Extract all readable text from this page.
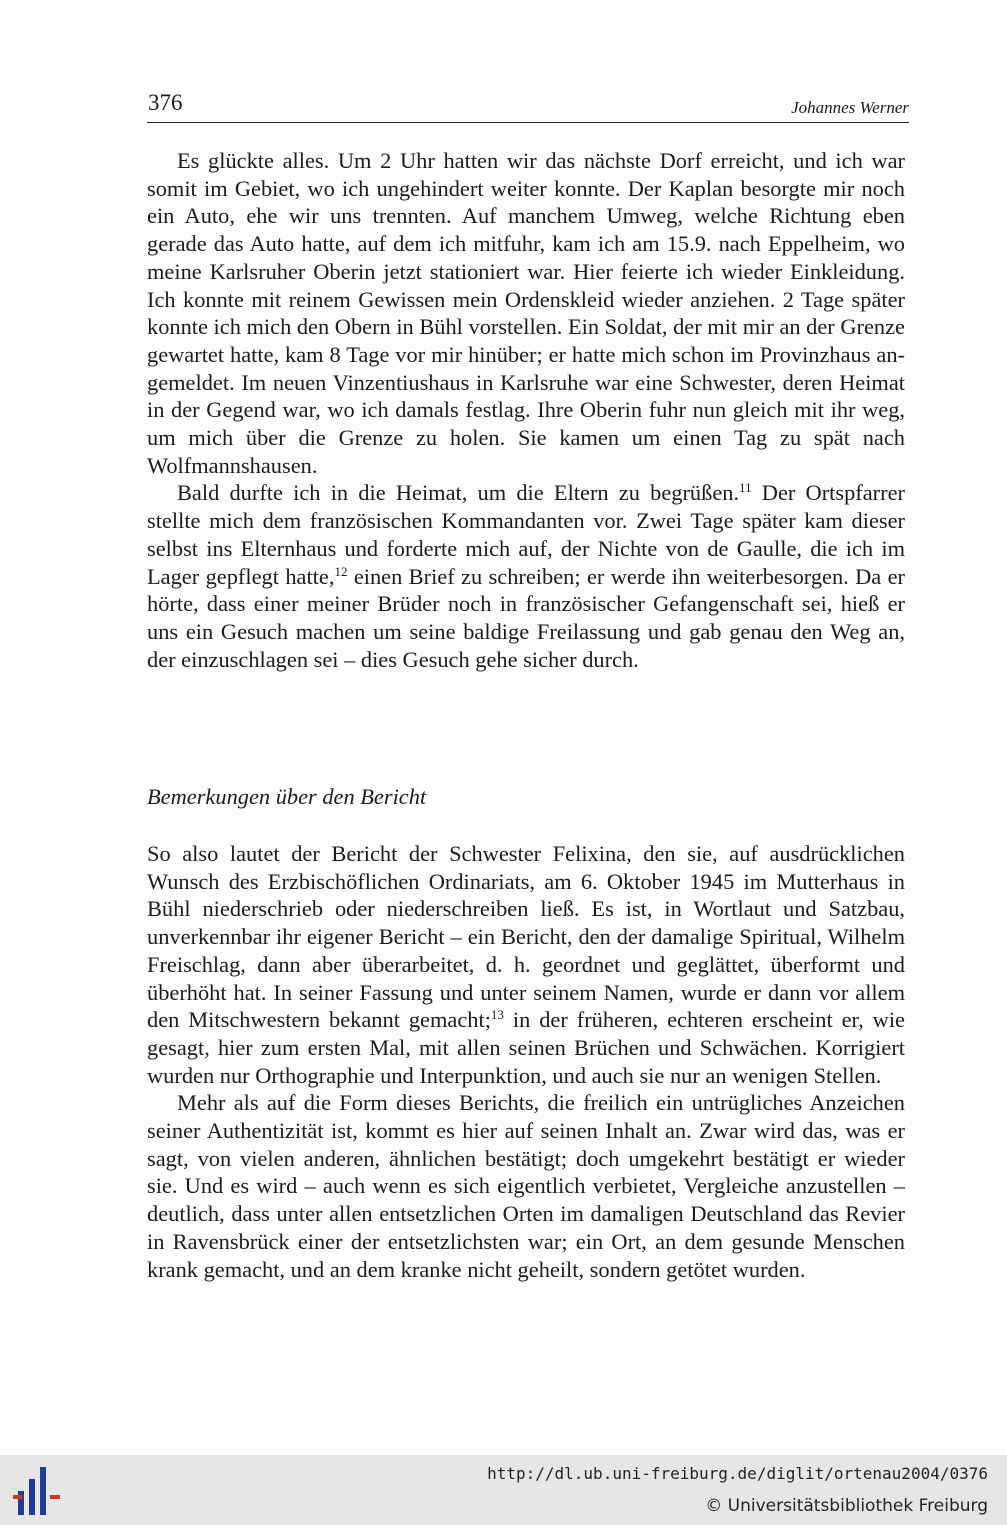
376	Johannes Werner

Es glückte alles. Um 2 Uhr hatten wir das nächste Dorf erreicht, und ich war somit im Gebiet, wo ich ungehindert weiter konnte. Der Kaplan besorgte mir noch ein Auto, ehe wir uns trennten. Auf manchem Umweg, welche Richtung eben gerade das Auto hatte, auf dem ich mitfuhr, kam ich am 15.9. nach Eppelheim, wo meine Karlsruher Oberin jetzt stationiert war. Hier feierte ich wieder Einkleidung. Ich konnte mit reinem Gewissen mein Ordenskleid wieder anziehen. 2 Tage später konnte ich mich den Obern in Bühl vorstellen. Ein Soldat, der mit mir an der Grenze gewartet hatte, kam 8 Tage vor mir hinüber; er hatte mich schon im Provinzhaus angemeldet. Im neuen Vinzentiushaus in Karlsruhe war eine Schwester, deren Heimat in der Gegend war, wo ich damals festlag. Ihre Oberin fuhr nun gleich mit ihr weg, um mich über die Grenze zu holen. Sie kamen um einen Tag zu spät nach Wolfmannshausen.

Bald durfte ich in die Heimat, um die Eltern zu begrüßen.$^{11}$ Der Ortspfarrer stellte mich dem französischen Kommandanten vor. Zwei Tage später kam dieser selbst ins Elternhaus und forderte mich auf, der Nichte von de Gaulle, die ich im Lager gepflegt hatte,$^{12}$ einen Brief zu schreiben; er werde ihn weiterbesorgen. Da er hörte, dass einer meiner Brüder noch in französischer Gefangenschaft sei, hieß er uns ein Gesuch machen um seine baldige Freilassung und gab genau den Weg an, der einzuschlagen sei – dies Gesuch gehe sicher durch.

Bemerkungen über den Bericht

So also lautet der Bericht der Schwester Felixina, den sie, auf ausdrücklichen Wunsch des Erzbischöflichen Ordinariats, am 6. Oktober 1945 im Mutterhaus in Bühl niederschrieb oder niederschreiben ließ. Es ist, in Wortlaut und Satzbau, unverkennbar ihr eigener Bericht – ein Bericht, den der damalige Spiritual, Wilhelm Freischlag, dann aber überarbeitet, d. h. geordnet und geglättet, überformt und überhöht hat. In seiner Fassung und unter seinem Namen, wurde er dann vor allem den Mitschwestern bekannt gemacht;$^{13}$ in der früheren, echteren erscheint er, wie gesagt, hier zum ersten Mal, mit allen seinen Brüchen und Schwächen. Korrigiert wurden nur Orthographie und Interpunktion, und auch sie nur an wenigen Stellen.

Mehr als auf die Form dieses Berichts, die freilich ein untrügliches Anzeichen seiner Authentizität ist, kommt es hier auf seinen Inhalt an. Zwar wird das, was er sagt, von vielen anderen, ähnlichen bestätigt; doch umgekehrt bestätigt er wieder sie. Und es wird – auch wenn es sich eigentlich verbietet, Vergleiche anzustellen – deutlich, dass unter allen entsetzlichen Orten im damaligen Deutschland das Revier in Ravensbrück einer der entsetzlichsten war; ein Ort, an dem gesunde Menschen krank gemacht, und an dem kranke nicht geheilt, sondern getötet wurden.

http://dl.ub.uni-freiburg.de/diglit/ortenau2004/0376
© Universitätsbibliothek Freiburg
